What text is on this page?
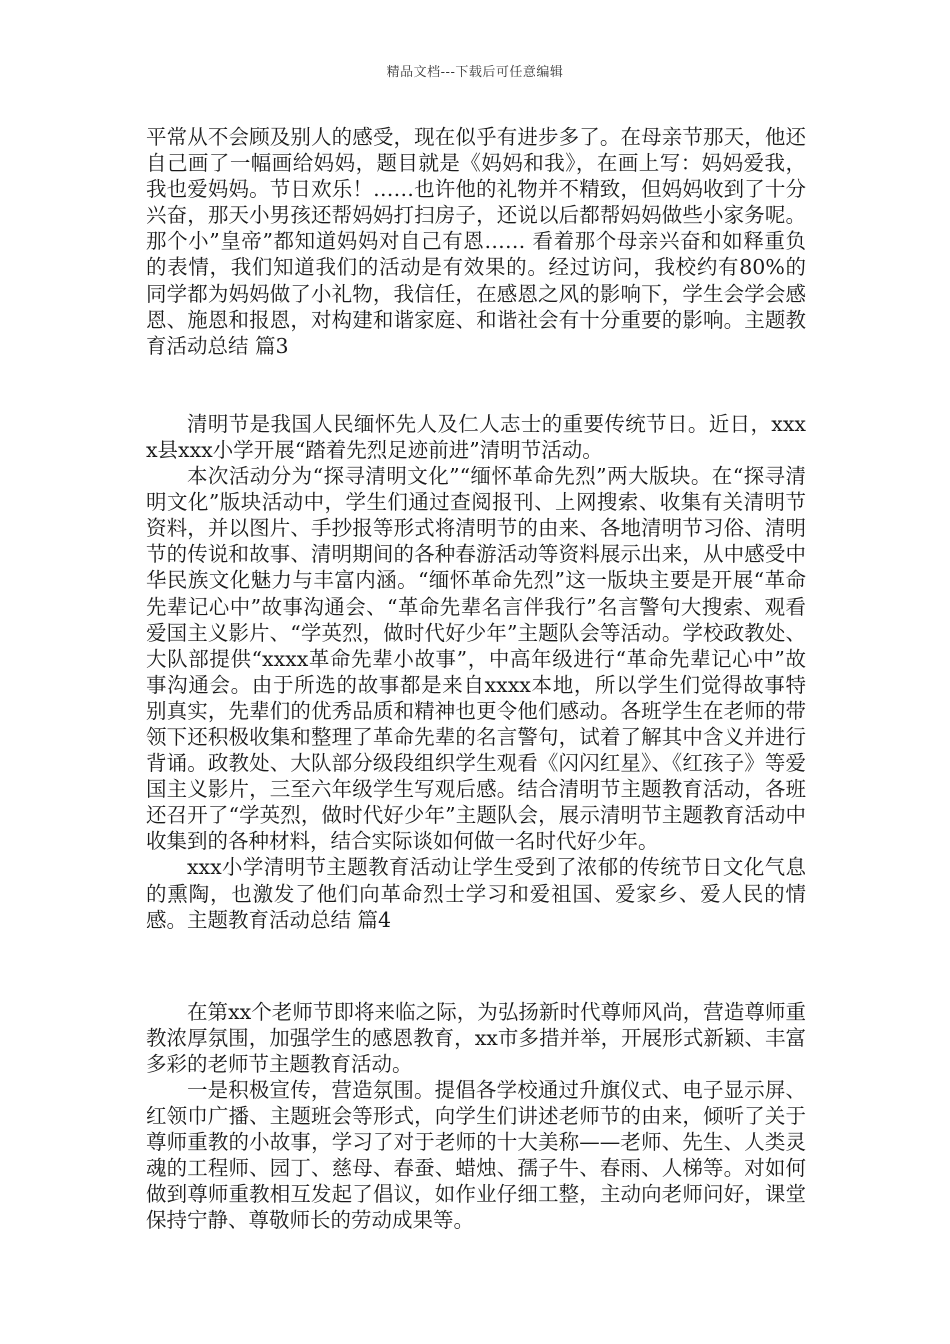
精品文档---下载后可任意编辑

平常从不会顾及别人的感受，现在似乎有进步多了。在母亲节那天，他还自己画了一幅画给妈妈，题目就是《妈妈和我》，在画上写：妈妈爱我，我也爱妈妈。节日欢乐！……也许他的礼物并不精致，但妈妈收到了十分兴奋，那天小男孩还帮妈妈打扫房子，还说以后都帮妈妈做些小家务呢。那个小”皇帝”都知道妈妈对自己有恩…… 看着那个母亲兴奋和如释重负的表情，我们知道我们的活动是有效果的。经过访问，我校约有80%的同学都为妈妈做了小礼物，我信任，在感恩之风的影响下，学生会学会感恩、施恩和报恩，对构建和谐家庭、和谐社会有十分重要的影响。主题教育活动总结 篇3

清明节是我国人民缅怀先人及仁人志士的重要传统节日。近日，xxxx县xxx小学开展“踏着先烈足迹前进”清明节活动。

本次活动分为“探寻清明文化”“缅怀革命先烈”两大版块。在“探寻清明文化”版块活动中，学生们通过查阅报刊、上网搜索、收集有关清明节资料，并以图片、手抄报等形式将清明节的由来、各地清明节习俗、清明节的传说和故事、清明期间的各种春游活动等资料展示出来，从中感受中华民族文化魅力与丰富内涵。“缅怀革命先烈”这一版块主要是开展“革命先辈记心中”故事沟通会、“革命先辈名言伴我行”名言警句大搜索、观看爱国主义影片、“学英烈，做时代好少年”主题队会等活动。学校政教处、大队部提供“xxxx革命先辈小故事”，中高年级进行“革命先辈记心中”故事沟通会。由于所选的故事都是来自xxxx本地，所以学生们觉得故事特别真实，先辈们的优秀品质和精神也更令他们感动。各班学生在老师的带领下还积极收集和整理了革命先辈的名言警句，试着了解其中含义并进行背诵。政教处、大队部分级段组织学生观看《闪闪红星》、《红孩子》等爱国主义影片，三至六年级学生写观后感。结合清明节主题教育活动，各班还召开了“学英烈，做时代好少年”主题队会，展示清明节主题教育活动中收集到的各种材料，结合实际谈如何做一名时代好少年。

xxx小学清明节主题教育活动让学生受到了浓郁的传统节日文化气息的熏陶，也激发了他们向革命烈士学习和爱祖国、爱家乡、爱人民的情感。主题教育活动总结 篇4

在第xx个老师节即将来临之际，为弘扬新时代尊师风尚，营造尊师重教浓厚氛围，加强学生的感恩教育，xx市多措并举，开展形式新颖、丰富多彩的老师节主题教育活动。

一是积极宣传，营造氛围。提倡各学校通过升旗仪式、电子显示屏、红领巾广播、主题班会等形式，向学生们讲述老师节的由来，倾听了关于尊师重教的小故事，学习了对于老师的十大美称——老师、先生、人类灵魂的工程师、园丁、慈母、春蚕、蜡烛、孺子牛、春雨、人梯等。对如何做到尊师重教相互发起了倡议，如作业仔细工整，主动向老师问好，课堂保持宁静、尊敬师长的劳动成果等。
